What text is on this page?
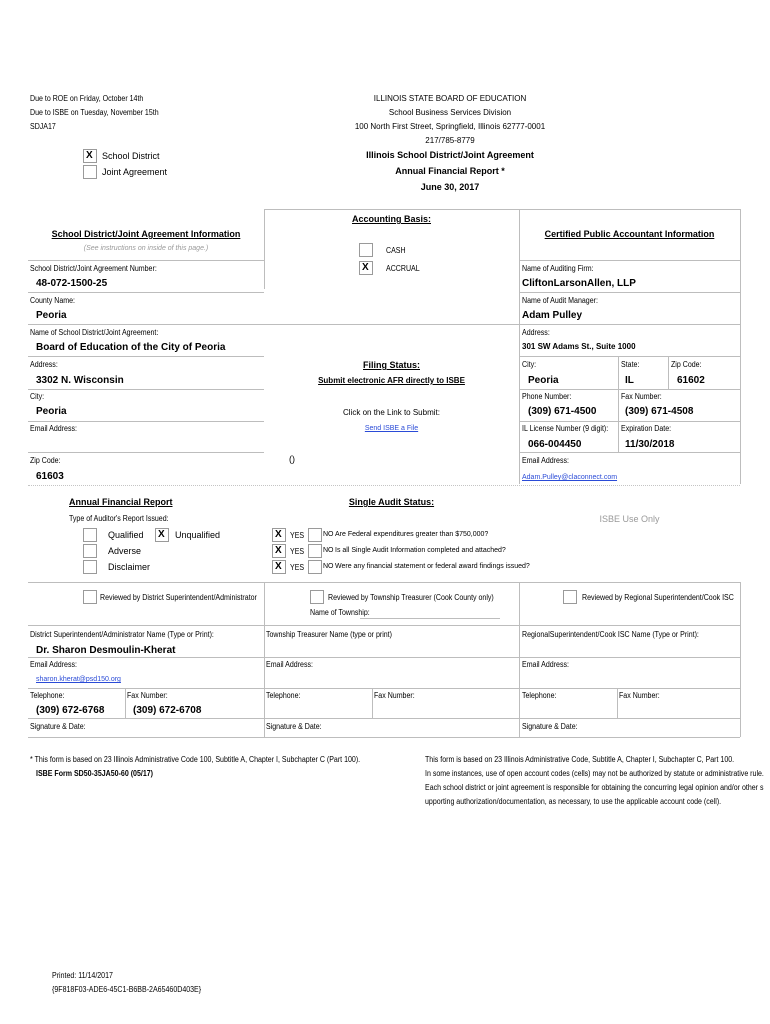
Due to ROE on Friday, October 14th
Due to ISBE on Tuesday, November 15th
SDJA17
ILLINOIS STATE BOARD OF EDUCATION
School Business Services Division
100 North First Street, Springfield, Illinois 62777-0001
217/785-8779
Illinois School District/Joint Agreement
Annual Financial Report *
June 30, 2017
X School District
Joint Agreement
School District/Joint Agreement Information
(See instructions on inside of this page.)
School District/Joint Agreement Number:
48-072-1500-25
County Name:
Peoria
Name of School District/Joint Agreement:
Board of Education of the City of Peoria
Address:
3302 N. Wisconsin
City:
Peoria
Email Address:
Zip Code:
61603
Accounting Basis:
CASH
X ACCRUAL
Filing Status:
Submit electronic AFR directly to ISBE
Click on the Link to Submit:
Send ISBE a File
()
Certified Public Accountant Information
Name of Auditing Firm:
CliftonLarsonAllen, LLP
Name of Audit Manager:
Adam Pulley
Address:
301 SW Adams St., Suite 1000
City:
Peoria
State:
IL
Zip Code:
61602
Phone Number:
(309) 671-4500
Fax Number:
(309) 671-4508
IL License Number (9 digit):
066-004450
Expiration Date:
11/30/2018
Email Address:
Adam.Pulley@claconnect.com
Annual Financial Report
Type of Auditor's Report Issued:
Qualified X Unqualified
Adverse
Disclaimer
Single Audit Status:
X YES	NO Are Federal expenditures greater than $750,000?
X YES	NO Is all Single Audit Information completed and attached?
X YES	NO Were any financial statement or federal award findings issued?
ISBE Use Only
Reviewed by District Superintendent/Administrator	Reviewed by Township Treasurer (Cook County only)
Name of Township:
Reviewed by Regional Superintendent/Cook ISC
District Superintendent/Administrator Name (Type or Print):
Dr. Sharon Desmoulin-Kherat
Township Treasurer Name (type or print)	RegionalSuperintendent/Cook ISC Name (Type or Print):
Email Address:
sharon.kherat@psd150.org
Email Address:	Email Address:
Telephone:
(309) 672-6768
Fax Number:
(309) 672-6708
Telephone:	Fax Number:	Telephone:	Fax Number:
Signature & Date:	Signature & Date:	Signature & Date:
* This form is based on 23 Illinois Administrative Code 100, Subtitle A, Chapter I, Subchapter C (Part 100).
ISBE Form SD50-35JA50-60 (05/17)
This form is based on 23 Illinois Administrative Code, Subtitle A, Chapter I, Subchapter C, Part 100.
In some instances, use of open account codes (cells) may not be authorized by statute or administrative rule.
Each school district or joint agreement is responsible for obtaining the concurring legal opinion and/or other s
upporting authorization/documentation, as necessary, to use the applicable account code (cell).
Printed: 11/14/2017
{9F818F03-ADE6-45C1-B6BB-2A65460D403E}
